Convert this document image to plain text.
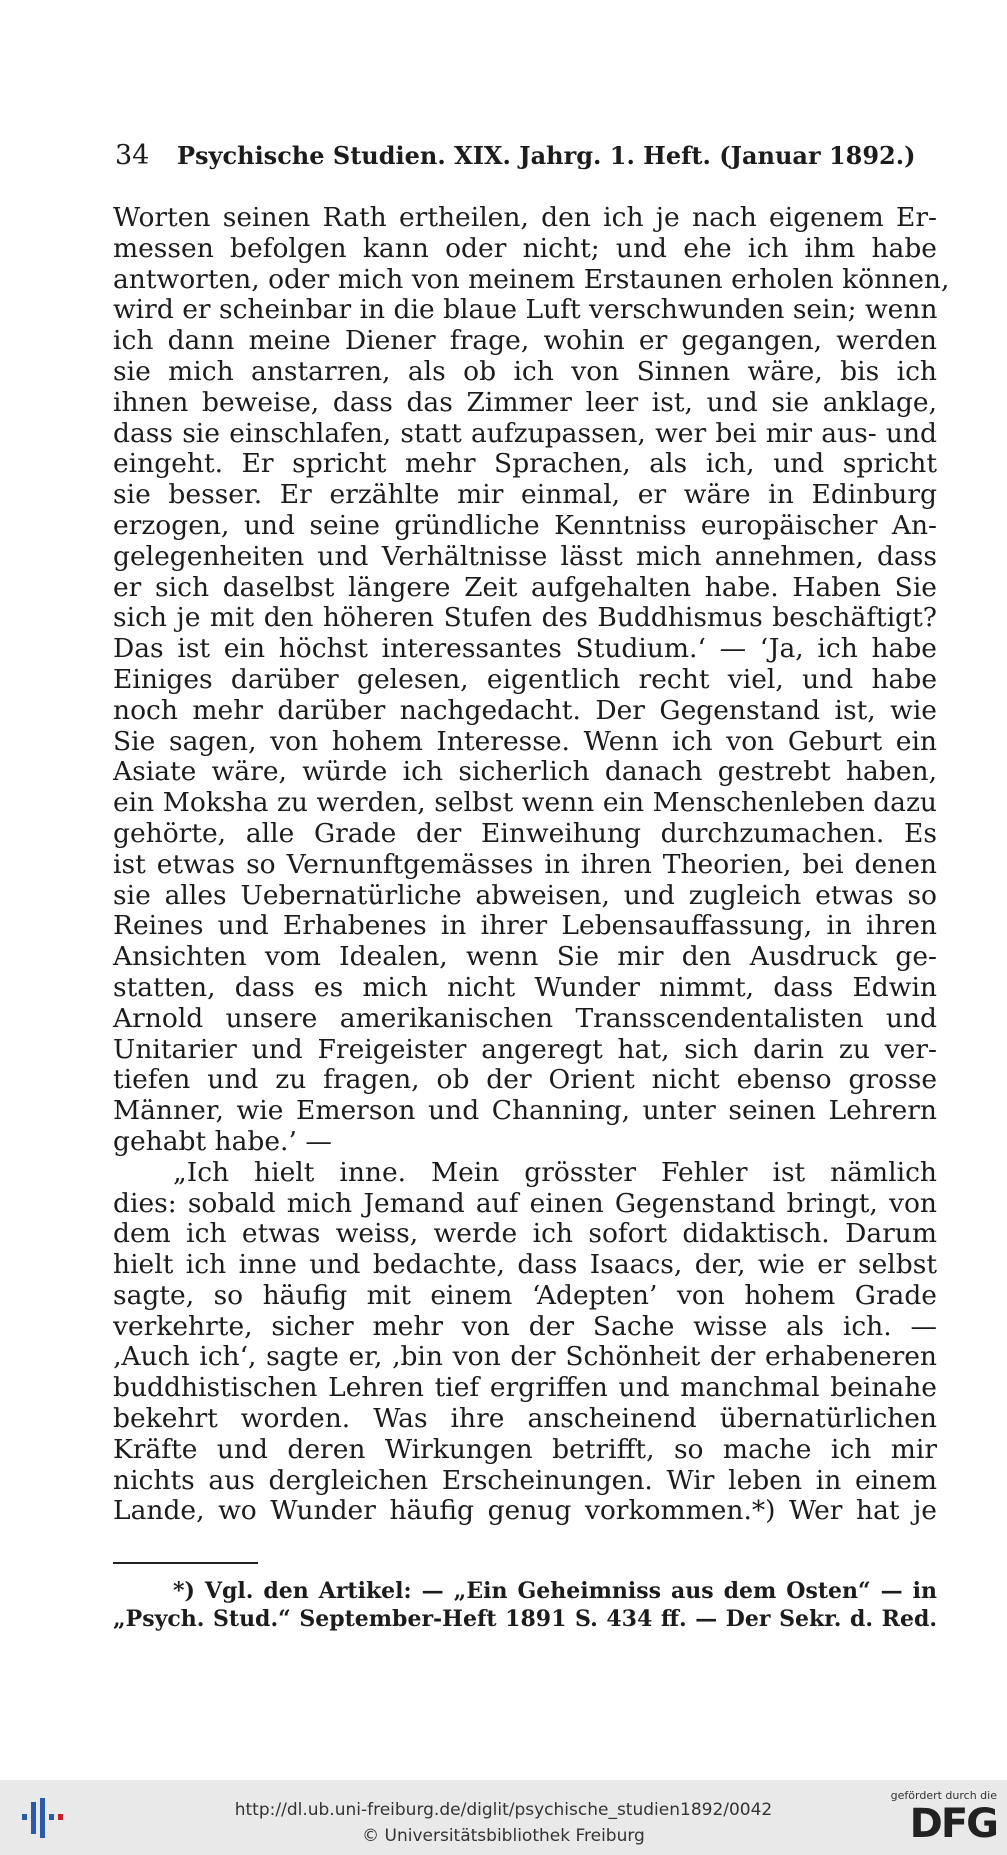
34 Psychische Studien. XIX. Jahrg. 1. Heft. (Januar 1892.)
Worten seinen Rath ertheilen, den ich je nach eigenem Er-
messen befolgen kann oder nicht; und ehe ich ihm habe
antworten, oder mich von meinem Erstaunen erholen können,
wird er scheinbar in die blaue Luft verschwunden sein; wenn
ich dann meine Diener frage, wohin er gegangen, werden
sie mich anstarren, als ob ich von Sinnen wäre, bis ich
ihnen beweise, dass das Zimmer leer ist, und sie anklage,
dass sie einschlafen, statt aufzupassen, wer bei mir aus- und
eingeht. Er spricht mehr Sprachen, als ich, und spricht
sie besser. Er erzählte mir einmal, er wäre in Edinburg
erzogen, und seine gründliche Kenntniss europäischer An-
gelegenheiten und Verhältnisse lässt mich annehmen, dass
er sich daselbst längere Zeit aufgehalten habe. Haben Sie
sich je mit den höheren Stufen des Buddhismus beschäftigt?
Das ist ein höchst interessantes Studium.‘ — ‘Ja, ich habe
Einiges darüber gelesen, eigentlich recht viel, und habe
noch mehr darüber nachgedacht. Der Gegenstand ist, wie
Sie sagen, von hohem Interesse. Wenn ich von Geburt ein
Asiate wäre, würde ich sicherlich danach gestrebt haben,
ein Moksha zu werden, selbst wenn ein Menschenleben dazu
gehörte, alle Grade der Einweihung durchzumachen. Es
ist etwas so Vernunftgemässes in ihren Theorien, bei denen
sie alles Uebernatürliche abweisen, und zugleich etwas so
Reines und Erhabenes in ihrer Lebensauffassung, in ihren
Ansichten vom Idealen, wenn Sie mir den Ausdruck ge-
statten, dass es mich nicht Wunder nimmt, dass Edwin
Arnold unsere amerikanischen Transscendentalisten und
Unitarier und Freigeister angeregt hat, sich darin zu ver-
tiefen und zu fragen, ob der Orient nicht ebenso grosse
Männer, wie Emerson und Channing, unter seinen Lehrern
gehabt habe.’ —
„Ich hielt inne. Mein grösster Fehler ist nämlich
dies: sobald mich Jemand auf einen Gegenstand bringt, von
dem ich etwas weiss, werde ich sofort didaktisch. Darum
hielt ich inne und bedachte, dass Isaacs, der, wie er selbst
sagte, so häufig mit einem ‘Adepten’ von hohem Grade
verkehrte, sicher mehr von der Sache wisse als ich. —
‚Auch ich‘, sagte er, ‚bin von der Schönheit der erhabeneren
buddhistischen Lehren tief ergriffen und manchmal beinahe
bekehrt worden. Was ihre anscheinend übernatürlichen
Kräfte und deren Wirkungen betrifft, so mache ich mir
nichts aus dergleichen Erscheinungen. Wir leben in einem
Lande, wo Wunder häufig genug vorkommen.*) Wer hat je
*) Vgl. den Artikel: — „Ein Geheimniss aus dem Osten“ — in
„Psych. Stud.“ September-Heft 1891 S. 434 ff. — Der Sekr. d. Red.
http://dl.ub.uni-freiburg.de/diglit/psychische_studien1892/0042
© Universitätsbibliothek Freiburg
gefördert durch die
DFG
